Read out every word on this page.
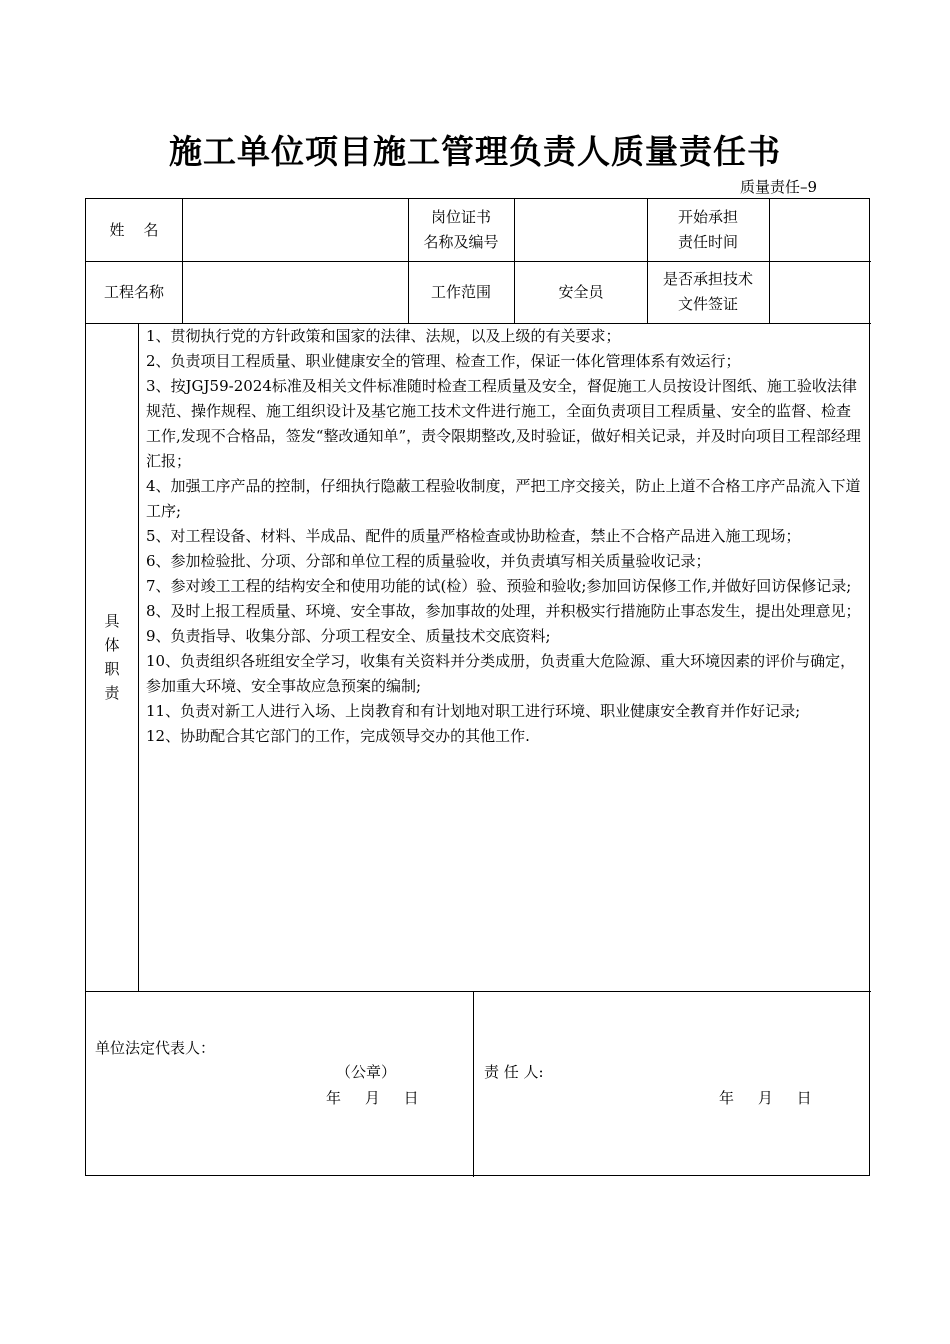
施工单位项目施工管理负责人质量责任书
质量责任–9
姓    名
岗位证书
名称及编号
开始承担
责任时间
工程名称	工作范围	安全员
是否承担技术
文件签证
具
体
职
责

1、贯彻执行党的方针政策和国家的法律、法规，以及上级的有关要求；

2、负责项目工程质量、职业健康安全的管理、检查工作，保证一体化管理体系有效运行；

3、按JGJ59-2024标准及相关文件标准随时检查工程质量及安全，督促施工人员按设计图纸、施工验收法律规范、操作规程、施工组织设计及基它施工技术文件进行施工，全面负责项目工程质量、安全的监督、检查工作,发现不合格品，签发“整改通知单”，责令限期整改,及时验证，做好相关记录，并及时向项目工程部经理汇报；

4、加强工序产品的控制，仔细执行隐蔽工程验收制度，严把工序交接关，防止上道不合格工序产品流入下道工序;

5、对工程设备、材料、半成品、配件的质量严格检查或协助检查，禁止不合格产品进入施工现场；

6、参加检验批、分项、分部和单位工程的质量验收，并负责填写相关质量验收记录；

7、参对竣工工程的结构安全和使用功能的试(检）验、预验和验收;参加回访保修工作,并做好回访保修记录;

8、及时上报工程质量、环境、安全事故，参加事故的处理，并积极实行措施防止事态发生，提出处理意见；

9、负责指导、收集分部、分项工程安全、质量技术交底资料;

10、负责组织各班组安全学习，收集有关资料并分类成册，负责重大危险源、重大环境因素的评价与确定，参加重大环境、安全事故应急预案的编制;

11、负责对新工人进行入场、上岗教育和有计划地对职工进行环境、职业健康安全教育并作好记录;

12、协助配合其它部门的工作，完成领导交办的其他工作.

单位法定代表人：
（公章）
年     月     日
责 任 人:
年     月     日
